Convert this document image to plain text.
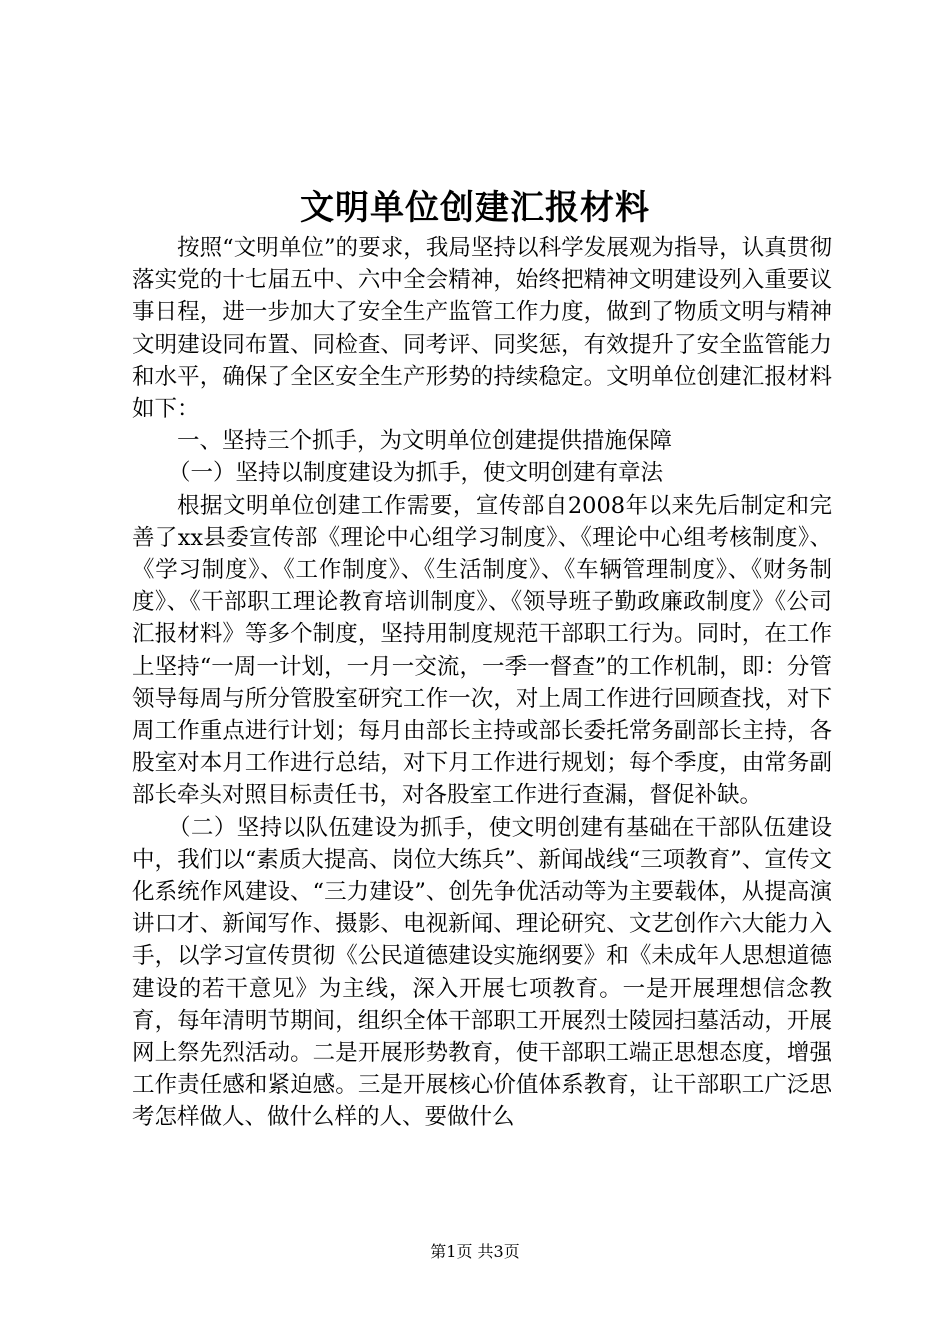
文明单位创建汇报材料

按照“文明单位”的要求，我局坚持以科学发展观为指导，认真贯彻落实党的十七届五中、六中全会精神，始终把精神文明建设列入重要议事日程，进一步加大了安全生产监管工作力度，做到了物质文明与精神文明建设同布置、同检查、同考评、同奖惩，有效提升了安全监管能力和水平，确保了全区安全生产形势的持续稳定。文明单位创建汇报材料如下：

一、坚持三个抓手，为文明单位创建提供措施保障

（一）坚持以制度建设为抓手，使文明创建有章法

根据文明单位创建工作需要，宣传部自2008年以来先后制定和完善了xx县委宣传部《理论中心组学习制度》、《理论中心组考核制度》、《学习制度》、《工作制度》、《生活制度》、《车辆管理制度》、《财务制度》、《干部职工理论教育培训制度》、《领导班子勤政廉政制度》《公司汇报材料》等多个制度，坚持用制度规范干部职工行为。同时，在工作上坚持“一周一计划，一月一交流，一季一督查”的工作机制，即：分管领导每周与所分管股室研究工作一次，对上周工作进行回顾查找，对下周工作重点进行计划；每月由部长主持或部长委托常务副部长主持，各股室对本月工作进行总结，对下月工作进行规划；每个季度，由常务副部长牵头对照目标责任书，对各股室工作进行查漏，督促补缺。

（二）坚持以队伍建设为抓手，使文明创建有基础在干部队伍建设中，我们以“素质大提高、岗位大练兵”、新闻战线“三项教育”、宣传文化系统作风建设、“三力建设”、创先争优活动等为主要载体，从提高演讲口才、新闻写作、摄影、电视新闻、理论研究、文艺创作六大能力入手，以学习宣传贯彻《公民道德建设实施纲要》和《未成年人思想道德建设的若干意见》为主线，深入开展七项教育。一是开展理想信念教育，每年清明节期间，组织全体干部职工开展烈士陵园扫墓活动，开展网上祭先烈活动。二是开展形势教育，使干部职工端正思想态度，增强工作责任感和紧迫感。三是开展核心价值体系教育，让干部职工广泛思考怎样做人、做什么样的人、要做什么

第1页 共3页
